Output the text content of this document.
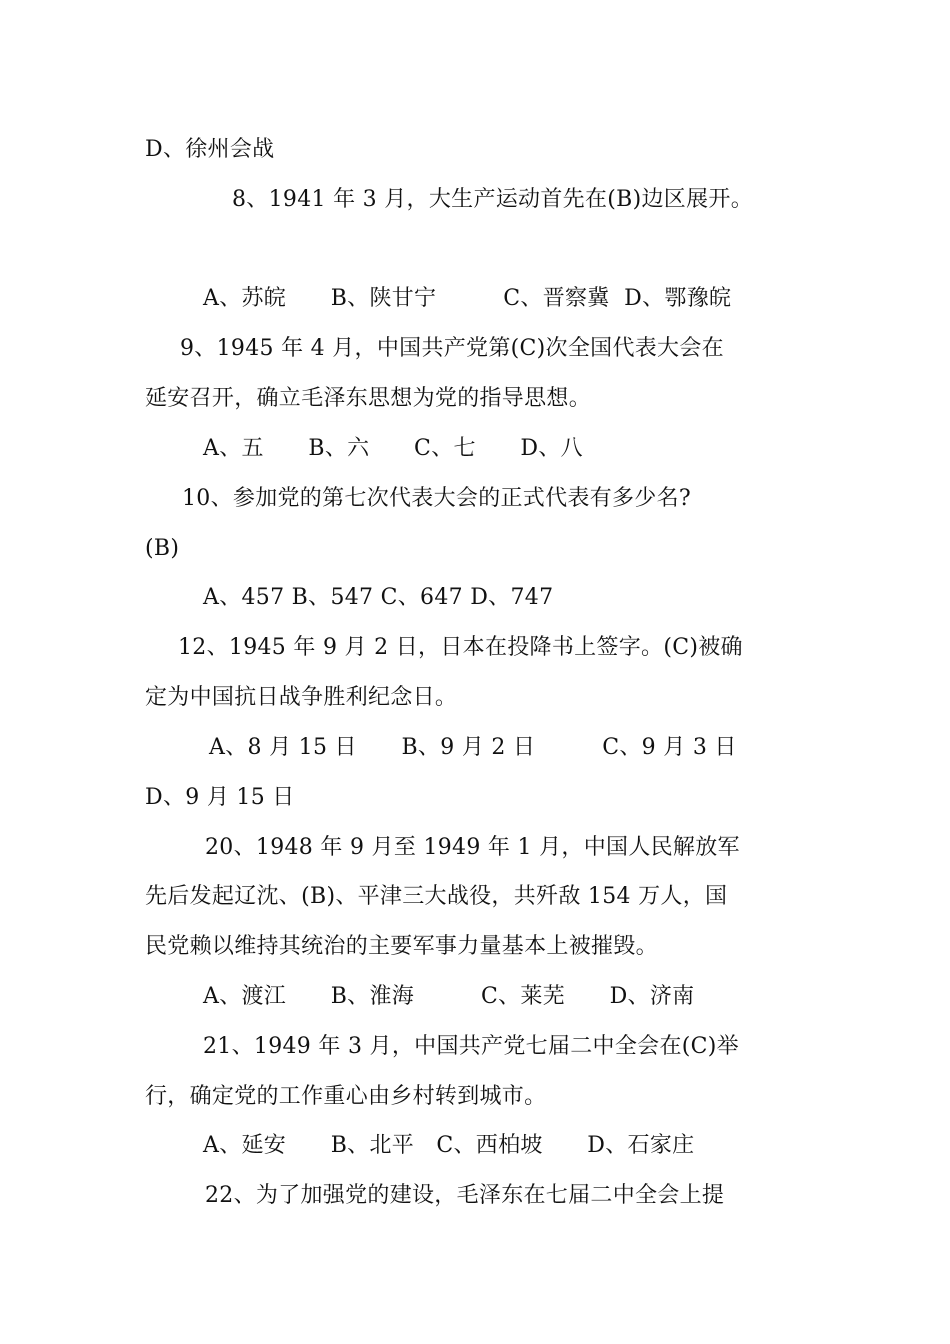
D、徐州会战
8、1941 年 3 月，大生产运动首先在(B)边区展开。
A、苏皖　　B、陕甘宁　　　C、晋察冀  D、鄂豫皖
9、1945 年 4 月，中国共产党第(C)次全国代表大会在
延安召开，确立毛泽东思想为党的指导思想。
A、五　　B、六　　C、七　　D、八
10、参加党的第七次代表大会的正式代表有多少名?
(B)
A、457 B、547 C、647 D、747
12、1945 年 9 月 2 日，日本在投降书上签字。(C)被确
定为中国抗日战争胜利纪念日。
A、8 月 15 日　　B、9 月 2 日　　　C、9 月 3 日
D、9 月 15 日
20、1948 年 9 月至 1949 年 1 月，中国人民解放军
先后发起辽沈、(B)、平津三大战役，共歼敌 154 万人，国
民党赖以维持其统治的主要军事力量基本上被摧毁。
A、渡江　　B、淮海　　　C、莱芜　　D、济南
21、1949 年 3 月，中国共产党七届二中全会在(C)举
行，确定党的工作重心由乡村转到城市。
A、延安　　B、北平　C、西柏坡　　D、石家庄
22、为了加强党的建设，毛泽东在七届二中全会上提
